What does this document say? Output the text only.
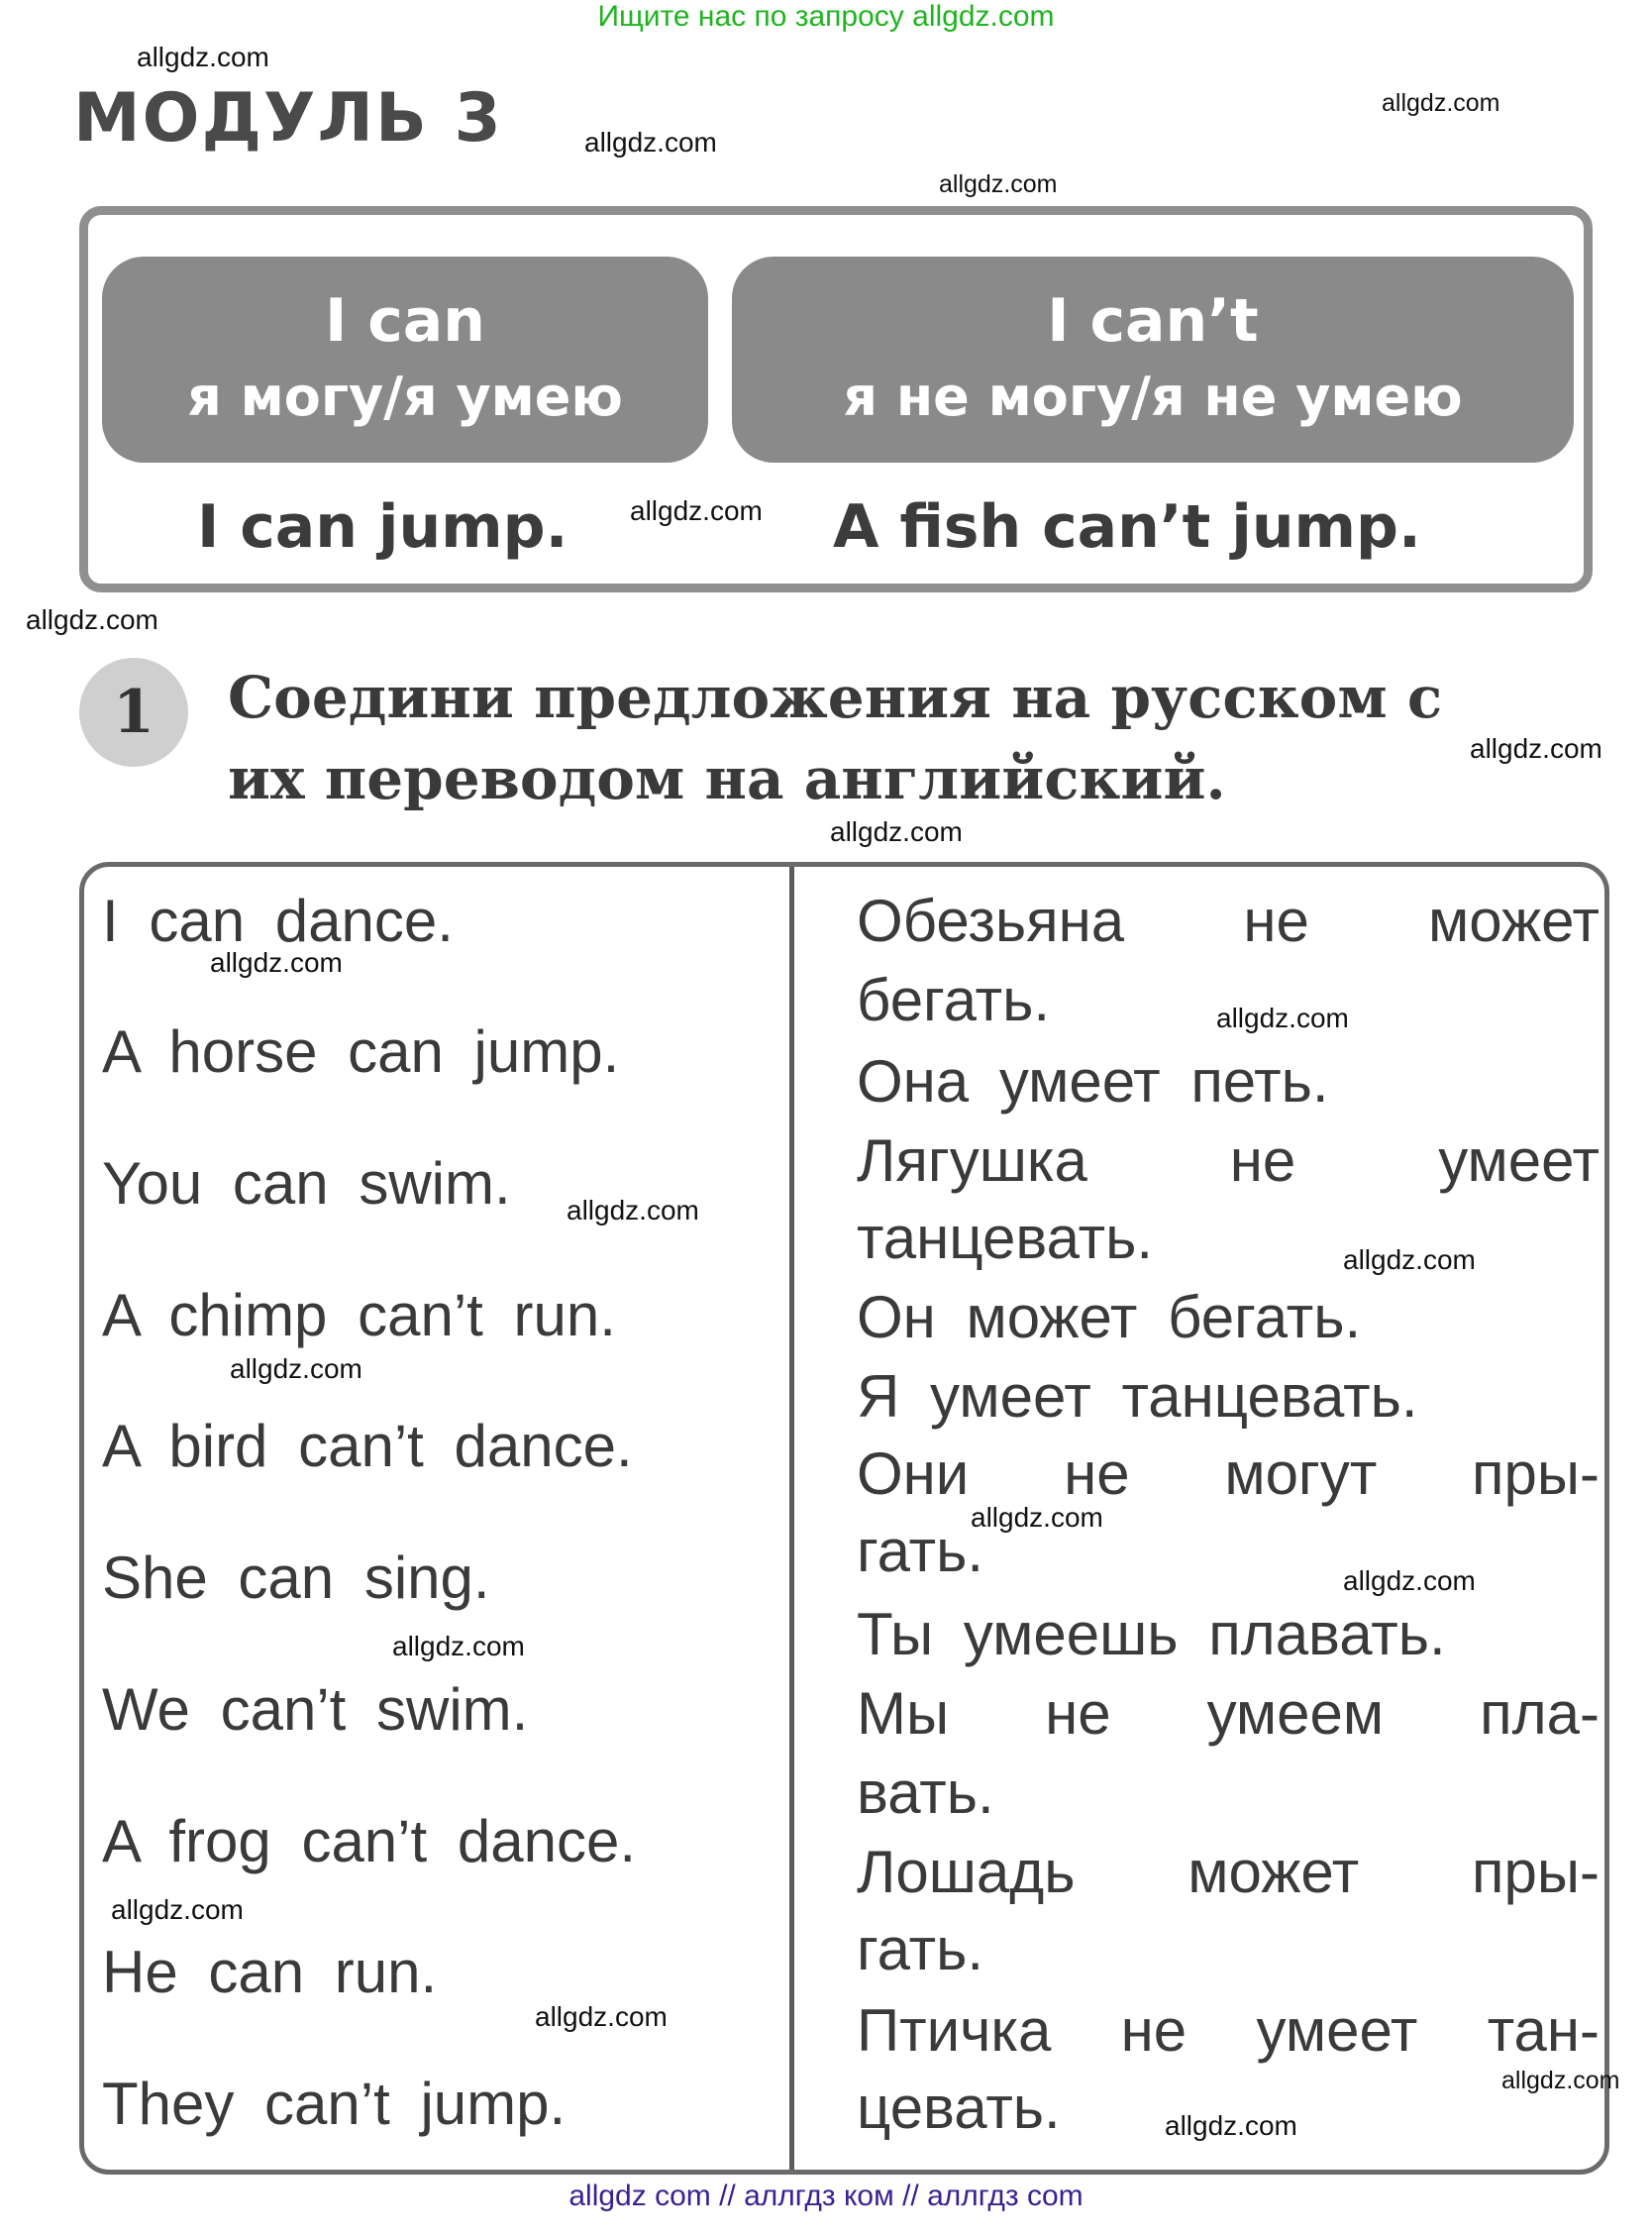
Ищите нас по запросу allgdz.com
МОДУЛЬ 3
I can
я могу/я умею
I can’t
я не могу/я не умею
I can jump.	A fish can’t jump.
1	Соедини предложения на русском с
их переводом на английский.
I can dance.
A horse can jump.
You can swim.
A chimp can’t run.
A bird can’t dance.
She can sing.
We can’t swim.
A frog can’t dance.
He can run.
They can’t jump.
Обезьяна не может
бегать.
Она умеет петь.
Лягушка не умеет
танцевать.
Он может бегать.
Я умеет танцевать.
Они не могут пры-
гать.
Ты умеешь плавать.
Мы не умеем пла-
вать.
Лошадь может пры-
гать.
Птичка не умеет тан-
цевать.
allgdz.com
allgdz.com
allgdz.com
allgdz.com
allgdz.com
allgdz.com
allgdz.com
allgdz.com
allgdz.com
allgdz.com
allgdz.com
allgdz.com
allgdz.com
allgdz.com
allgdz.com
allgdz.com
allgdz.com
allgdz.com
allgdz.com
allgdz.com
allgdz com // аллгдз ком // аллгдз com
